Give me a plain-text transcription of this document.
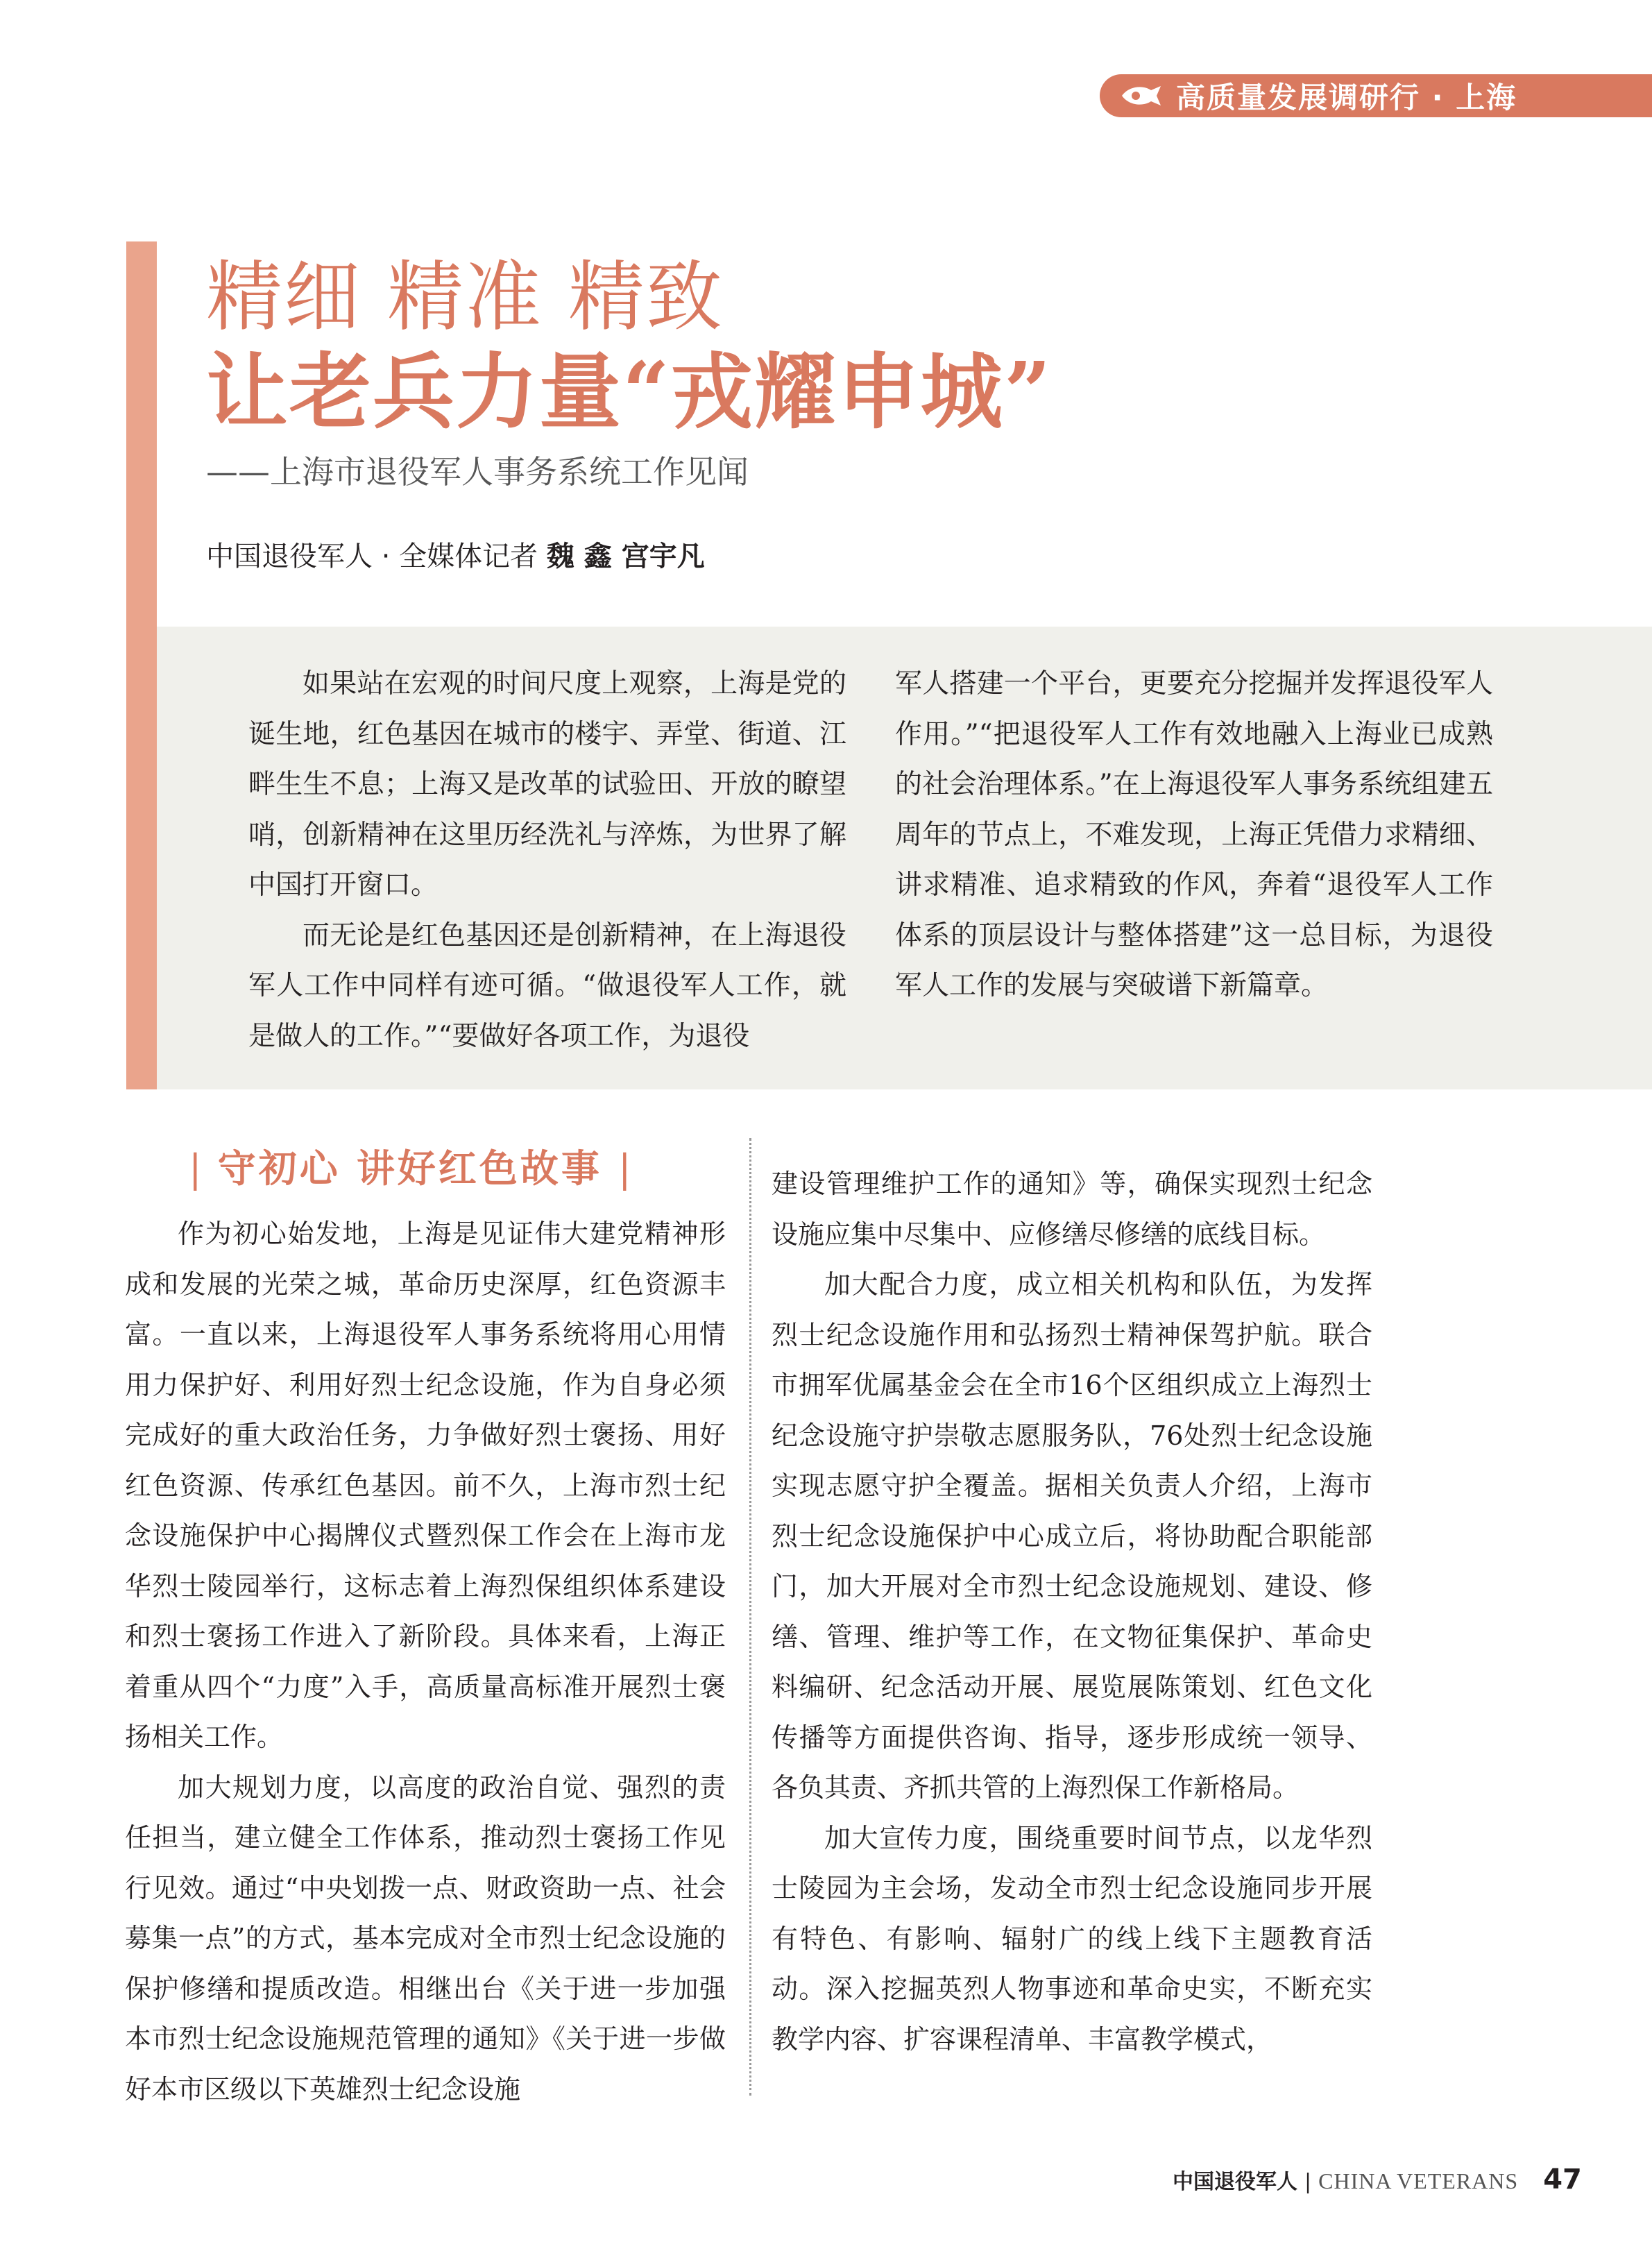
高质量发展调研行 · 上海
精细 精准 精致
让老兵力量“戎耀申城”
——上海市退役军人事务系统工作见闻
中国退役军人 · 全媒体记者 魏 鑫 宫宇凡

如果站在宏观的时间尺度上观察，上海是党的诞生地，红色基因在城市的楼宇、弄堂、街道、江畔生生不息；上海又是改革的试验田、开放的瞭望哨，创新精神在这里历经洗礼与淬炼，为世界了解中国打开窗口。

而无论是红色基因还是创新精神，在上海退役军人工作中同样有迹可循。“做退役军人工作，就是做人的工作。”“要做好各项工作，为退役

军人搭建一个平台，更要充分挖掘并发挥退役军人作用。”“把退役军人工作有效地融入上海业已成熟的社会治理体系。”在上海退役军人事务系统组建五周年的节点上，不难发现，上海正凭借力求精细、讲求精准、追求精致的作风，奔着“退役军人工作体系的顶层设计与整体搭建”这一总目标，为退役军人工作的发展与突破谱下新篇章。

| 守初心 讲好红色故事 |

作为初心始发地，上海是见证伟大建党精神形成和发展的光荣之城，革命历史深厚，红色资源丰富。一直以来，上海退役军人事务系统将用心用情用力保护好、利用好烈士纪念设施，作为自身必须完成好的重大政治任务，力争做好烈士褒扬、用好红色资源、传承红色基因。前不久，上海市烈士纪念设施保护中心揭牌仪式暨烈保工作会在上海市龙华烈士陵园举行，这标志着上海烈保组织体系建设和烈士褒扬工作进入了新阶段。具体来看，上海正着重从四个“力度”入手，高质量高标准开展烈士褒扬相关工作。

加大规划力度，以高度的政治自觉、强烈的责任担当，建立健全工作体系，推动烈士褒扬工作见行见效。通过“中央划拨一点、财政资助一点、社会募集一点”的方式，基本完成对全市烈士纪念设施的保护修缮和提质改造。相继出台《关于进一步加强本市烈士纪念设施规范管理的通知》《关于进一步做好本市区级以下英雄烈士纪念设施

建设管理维护工作的通知》等，确保实现烈士纪念设施应集中尽集中、应修缮尽修缮的底线目标。

加大配合力度，成立相关机构和队伍，为发挥烈士纪念设施作用和弘扬烈士精神保驾护航。联合市拥军优属基金会在全市16个区组织成立上海烈士纪念设施守护崇敬志愿服务队，76处烈士纪念设施实现志愿守护全覆盖。据相关负责人介绍，上海市烈士纪念设施保护中心成立后，将协助配合职能部门，加大开展对全市烈士纪念设施规划、建设、修缮、管理、维护等工作，在文物征集保护、革命史料编研、纪念活动开展、展览展陈策划、红色文化传播等方面提供咨询、指导，逐步形成统一领导、各负其责、齐抓共管的上海烈保工作新格局。

加大宣传力度，围绕重要时间节点，以龙华烈士陵园为主会场，发动全市烈士纪念设施同步开展有特色、有影响、辐射广的线上线下主题教育活动。深入挖掘英烈人物事迹和革命史实，不断充实教学内容、扩容课程清单、丰富教学模式，

中国退役军人 | CHINA VETERANS 47
